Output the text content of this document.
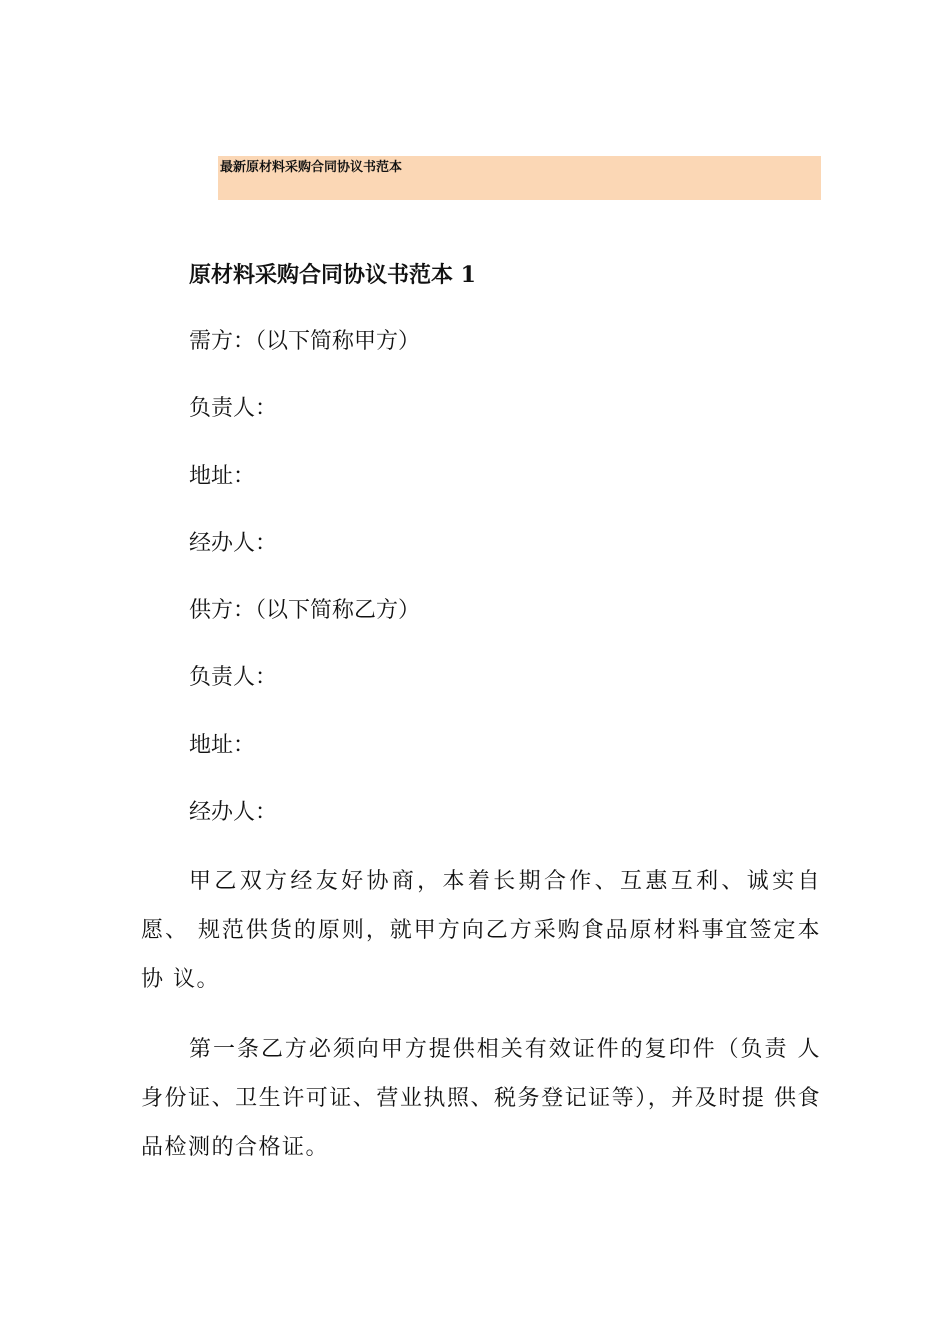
最新原材料采购合同协议书范本
原材料采购合同协议书范本 1

需方：（以下简称甲方）

负责人：

地址：

经办人：

供方：（以下简称乙方）

负责人：

地址：

经办人：

甲乙双方经友好协商，本着长期合作、互惠互利、诚实自愿、 规范供货的原则，就甲方向乙方采购食品原材料事宜签定本协 议。

第一条乙方必须向甲方提供相关有效证件的复印件（负责 人身份证、卫生许可证、营业执照、税务登记证等），并及时提 供食品检测的合格证。
